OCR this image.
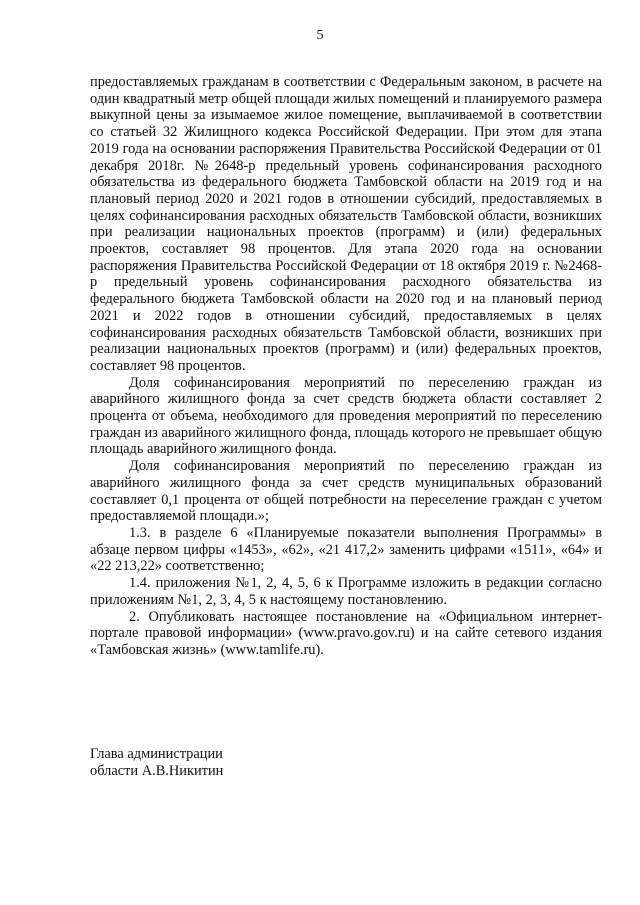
5

предоставляемых гражданам в соответствии с Федеральным законом, в расчете на один квадратный метр общей площади жилых помещений и планируемого размера выкупной цены за изымаемое жилое помещение, выплачиваемой в соответствии со статьей 32 Жилищного кодекса Российской Федерации. При этом для этапа 2019 года на основании распоряжения Правительства Российской Федерации от 01 декабря 2018г. №2648-р предельный уровень софинансирования расходного обязательства из федерального бюджета Тамбовской области на 2019 год и на плановый период 2020 и 2021 годов в отношении субсидий, предоставляемых в целях софинансирования расходных обязательств Тамбовской области, возникших при реализации национальных проектов (программ) и (или) федеральных проектов, составляет 98 процентов. Для этапа 2020 года на основании распоряжения Правительства Российской Федерации от 18 октября 2019 г. №2468-р предельный уровень софинансирования расходного обязательства из федерального бюджета Тамбовской области на 2020 год и на плановый период 2021 и 2022 годов в отношении субсидий, предоставляемых в целях софинансирования расходных обязательств Тамбовской области, возникших при реализации национальных проектов (программ) и (или) федеральных проектов, составляет 98 процентов.

Доля софинансирования мероприятий по переселению граждан из аварийного жилищного фонда за счет средств бюджета области составляет 2 процента от объема, необходимого для проведения мероприятий по переселению граждан из аварийного жилищного фонда, площадь которого не превышает общую площадь аварийного жилищного фонда.

Доля софинансирования мероприятий по переселению граждан из аварийного жилищного фонда за счет средств муниципальных образований составляет 0,1 процента от общей потребности на переселение граждан с учетом предоставляемой площади.»;

1.3. в разделе 6 «Планируемые показатели выполнения Программы» в абзаце первом цифры «1453», «62», «21 417,2» заменить цифрами «1511», «64» и «22 213,22» соответственно;

1.4. приложения №1, 2, 4, 5, 6 к Программе изложить в редакции согласно приложениям №1, 2, 3, 4, 5 к настоящему постановлению.

2. Опубликовать настоящее постановление на «Официальном интернет-портале правовой информации» (www.pravo.gov.ru) и на сайте сетевого издания «Тамбовская жизнь» (www.tamlife.ru).

Глава администрации
области А.В.Никитин
